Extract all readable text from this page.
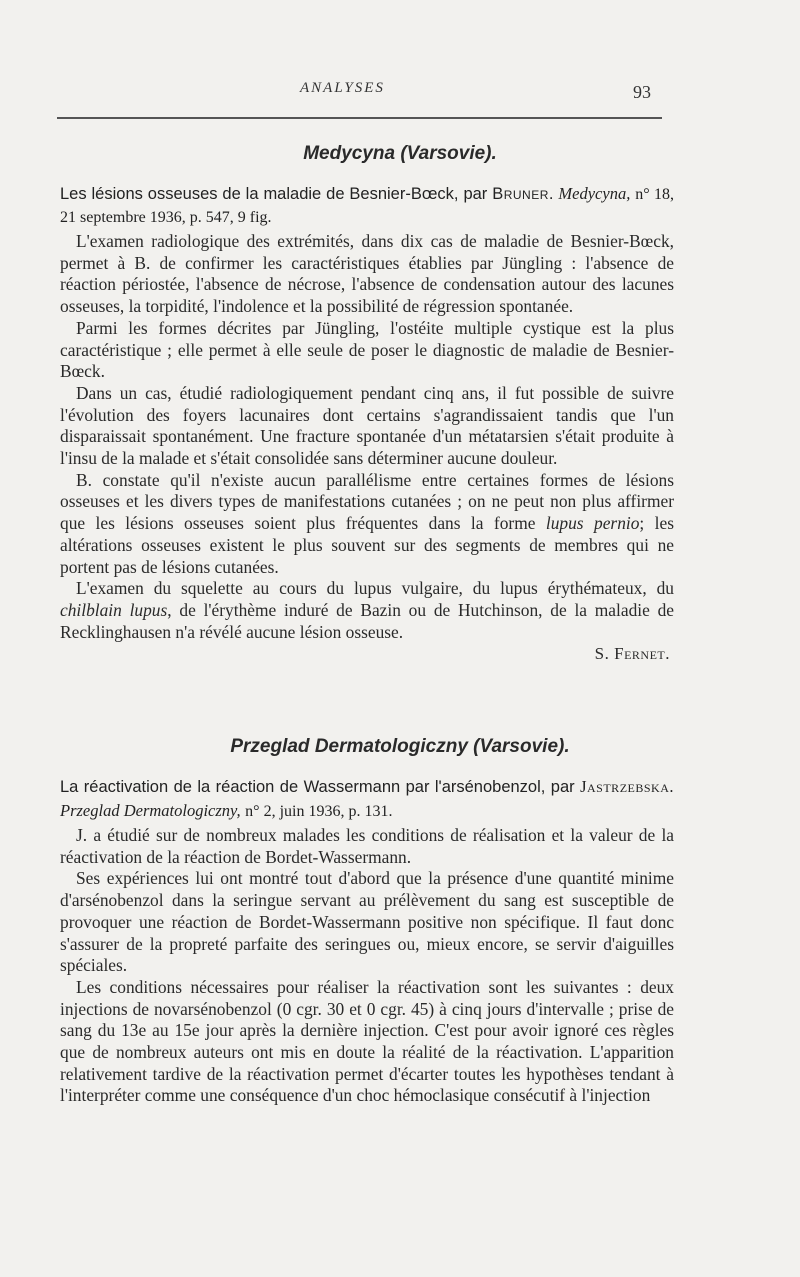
ANALYSES	93
Medycyna (Varsovie).
Les lésions osseuses de la maladie de Besnier-Bœck, par Bruner. Medycyna, n° 18, 21 septembre 1936, p. 547, 9 fig.

L'examen radiologique des extrémités, dans dix cas de maladie de Besnier-Bœck, permet à B. de confirmer les caractéristiques établies par Jüngling : l'absence de réaction périostée, l'absence de nécrose, l'absence de condensation autour des lacunes osseuses, la torpidité, l'indolence et la possibilité de régression spontanée.

Parmi les formes décrites par Jüngling, l'ostéite multiple cystique est la plus caractéristique ; elle permet à elle seule de poser le diagnostic de maladie de Besnier-Bœck.

Dans un cas, étudié radiologiquement pendant cinq ans, il fut possible de suivre l'évolution des foyers lacunaires dont certains s'agrandissaient tandis que l'un disparaissait spontanément. Une fracture spontanée d'un métatarsien s'était produite à l'insu de la malade et s'était consolidée sans déterminer aucune douleur.

B. constate qu'il n'existe aucun parallélisme entre certaines formes de lésions osseuses et les divers types de manifestations cutanées ; on ne peut non plus affirmer que les lésions osseuses soient plus fréquentes dans la forme lupus pernio; les altérations osseuses existent le plus souvent sur des segments de membres qui ne portent pas de lésions cutanées.

L'examen du squelette au cours du lupus vulgaire, du lupus érythémateux, du chilblain lupus, de l'érythème induré de Bazin ou de Hutchinson, de la maladie de Recklinghausen n'a révélé aucune lésion osseuse.

S. Fernet.

Przeglad Dermatologiczny (Varsovie).
La réactivation de la réaction de Wassermann par l'arsénobenzol, par Jastrzebska. Przeglad Dermatologiczny, n° 2, juin 1936, p. 131.

J. a étudié sur de nombreux malades les conditions de réalisation et la valeur de la réactivation de la réaction de Bordet-Wassermann.

Ses expériences lui ont montré tout d'abord que la présence d'une quantité minime d'arsénobenzol dans la seringue servant au prélèvement du sang est susceptible de provoquer une réaction de Bordet-Wassermann positive non spécifique. Il faut donc s'assurer de la propreté parfaite des seringues ou, mieux encore, se servir d'aiguilles spéciales.

Les conditions nécessaires pour réaliser la réactivation sont les suivantes : deux injections de novarsénobenzol (0 cgr. 30 et 0 cgr. 45) à cinq jours d'intervalle ; prise de sang du 13e au 15e jour après la dernière injection. C'est pour avoir ignoré ces règles que de nombreux auteurs ont mis en doute la réalité de la réactivation. L'apparition relativement tardive de la réactivation permet d'écarter toutes les hypothèses tendant à l'interpréter comme une conséquence d'un choc hémoclasique consécutif à l'injection
